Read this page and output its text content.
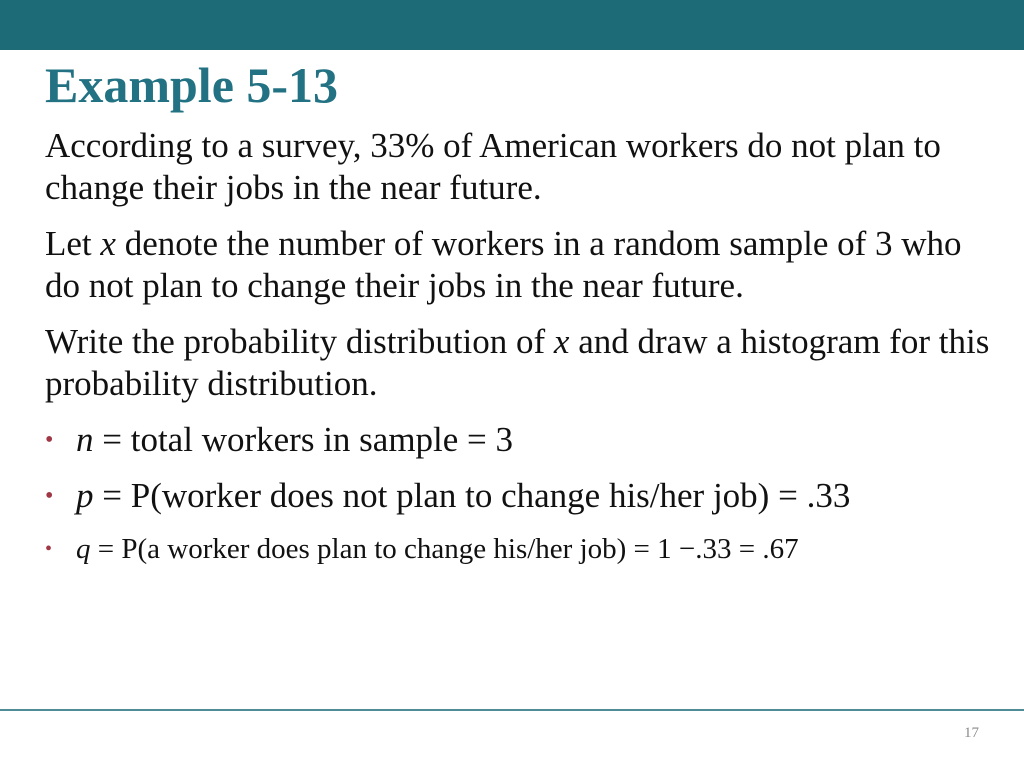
Example 5-13

According to a survey, 33% of American workers do not plan to change their jobs in the near future.

Let x denote the number of workers in a random sample of 3 who do not plan to change their jobs in the near future.

Write the probability distribution of x and draw a histogram for this probability distribution.

• n = total workers in sample = 3
• p = P(worker does not plan to change his/her job) = .33
• q = P(a worker does plan to change his/her job) = 1 −.33 = .67
17
